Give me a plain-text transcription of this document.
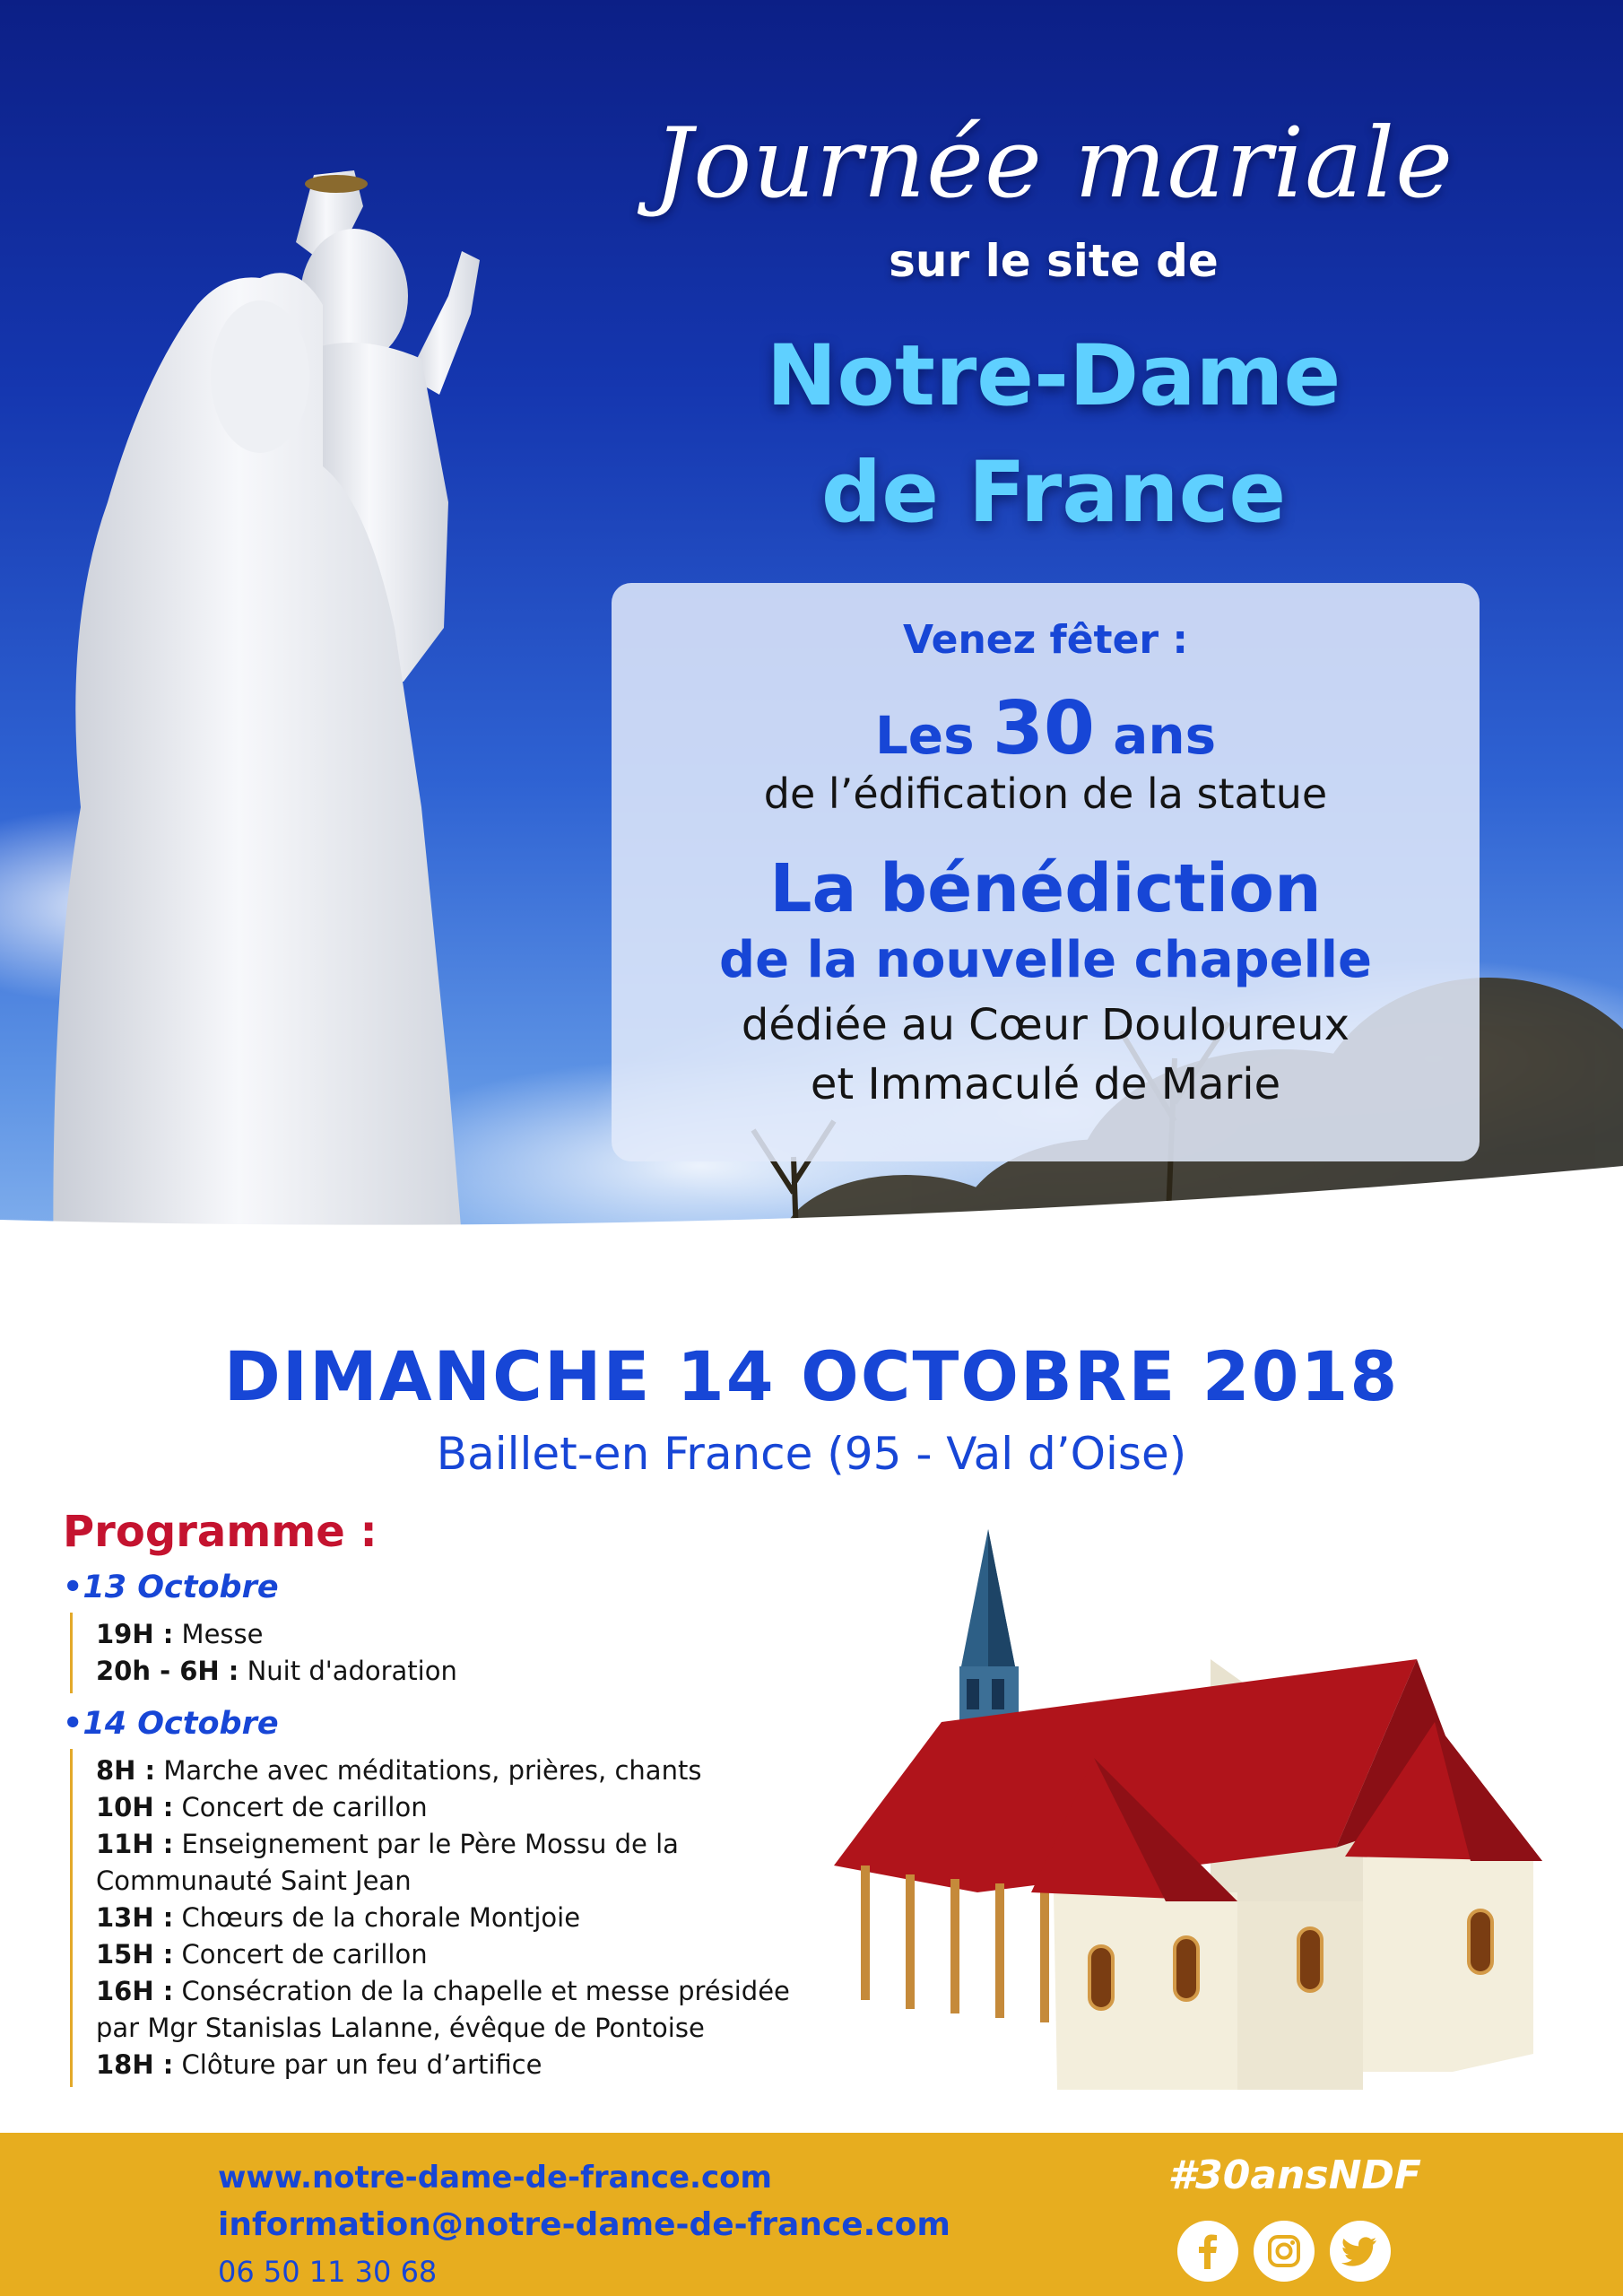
Journée mariale

sur le site de

Notre-Dame
de France

Venez fêter :

Les 30 ans

de l’édification de la statue

La bénédiction

de la nouvelle chapelle

dédiée au Cœur Douloureux
et Immaculé de Marie

DIMANCHE 14 OCTOBRE 2018

Baillet-en France (95 - Val d’Oise)

Programme :

•13 Octobre

19H : Messe
20h - 6H : Nuit d'adoration

•14 Octobre

8H : Marche avec méditations, prières, chants
10H : Concert de carillon
11H : Enseignement par le Père Mossu de la Communauté Saint Jean
13H : Chœurs de la chorale Montjoie
15H : Concert de carillon
16H : Consécration de la chapelle et messe présidée par Mgr Stanislas Lalanne, évêque de Pontoise
18H : Clôture par un feu d’artifice

www.notre-dame-de-france.com

information@notre-dame-de-france.com

06 50 11 30 68

#30ansNDF
